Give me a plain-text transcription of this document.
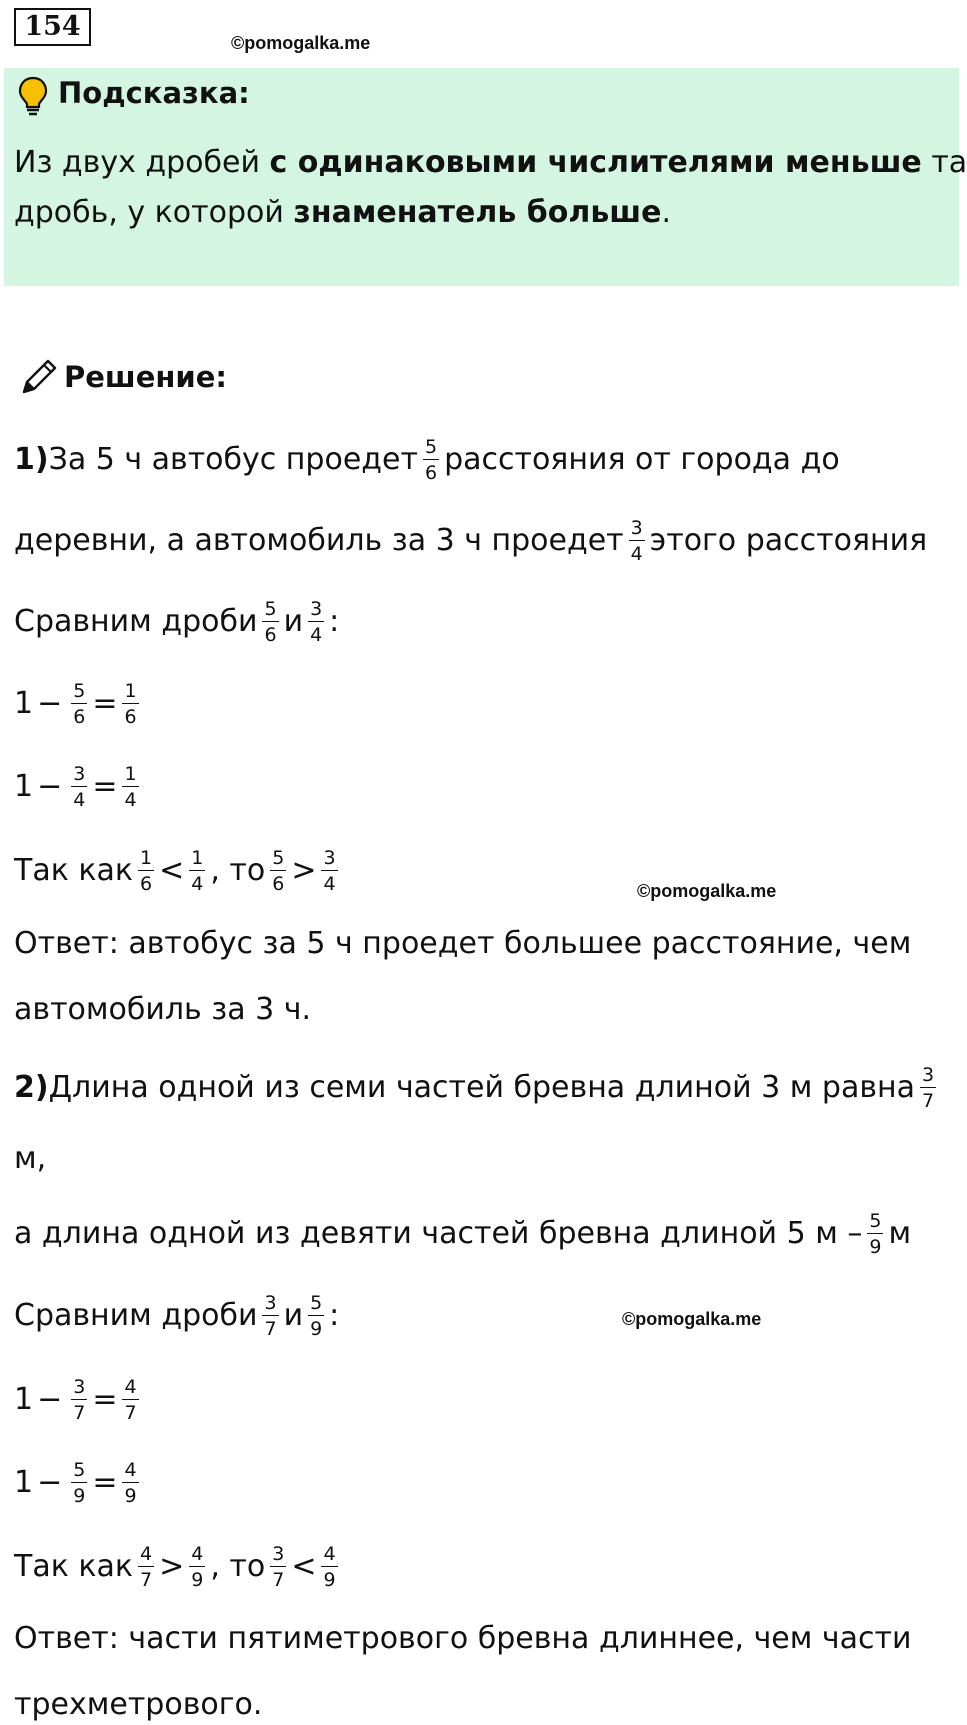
154
©pomogalka.me
Подсказка:
Из двух дробей с одинаковыми числителями меньше та
дробь, у которой знаменатель больше.
Решение:
1) За 5 ч автобус проедет $\frac{5}{6}$ расстояния от города до
деревни, а автомобиль за 3 ч проедет $\frac{3}{4}$ этого расстояния
Сравним дроби $\frac{5}{6}$ и $\frac{3}{4}$ :
$1 - \frac{5}{6} = \frac{1}{6}$
$1 - \frac{3}{4} = \frac{1}{4}$
Так как $\frac{1}{6} < \frac{1}{4}$ , то $\frac{5}{6} > \frac{3}{4}$	©pomogalka.me
Ответ: автобус за 5 ч проедет большее расстояние, чем
автомобиль за 3 ч.
2) Длина одной из семи частей бревна длиной 3 м равна $\frac{3}{7}$
м,
а длина одной из девяти частей бревна длиной 5 м – $\frac{5}{9}$ м
Сравним дроби $\frac{3}{7}$ и $\frac{5}{9}$ :	©pomogalka.me
$1 - \frac{3}{7} = \frac{4}{7}$
$1 - \frac{5}{9} = \frac{4}{9}$
Так как $\frac{4}{7} > \frac{4}{9}$ , то $\frac{3}{7} < \frac{4}{9}$
Ответ: части пятиметрового бревна длиннее, чем части
трехметрового.
